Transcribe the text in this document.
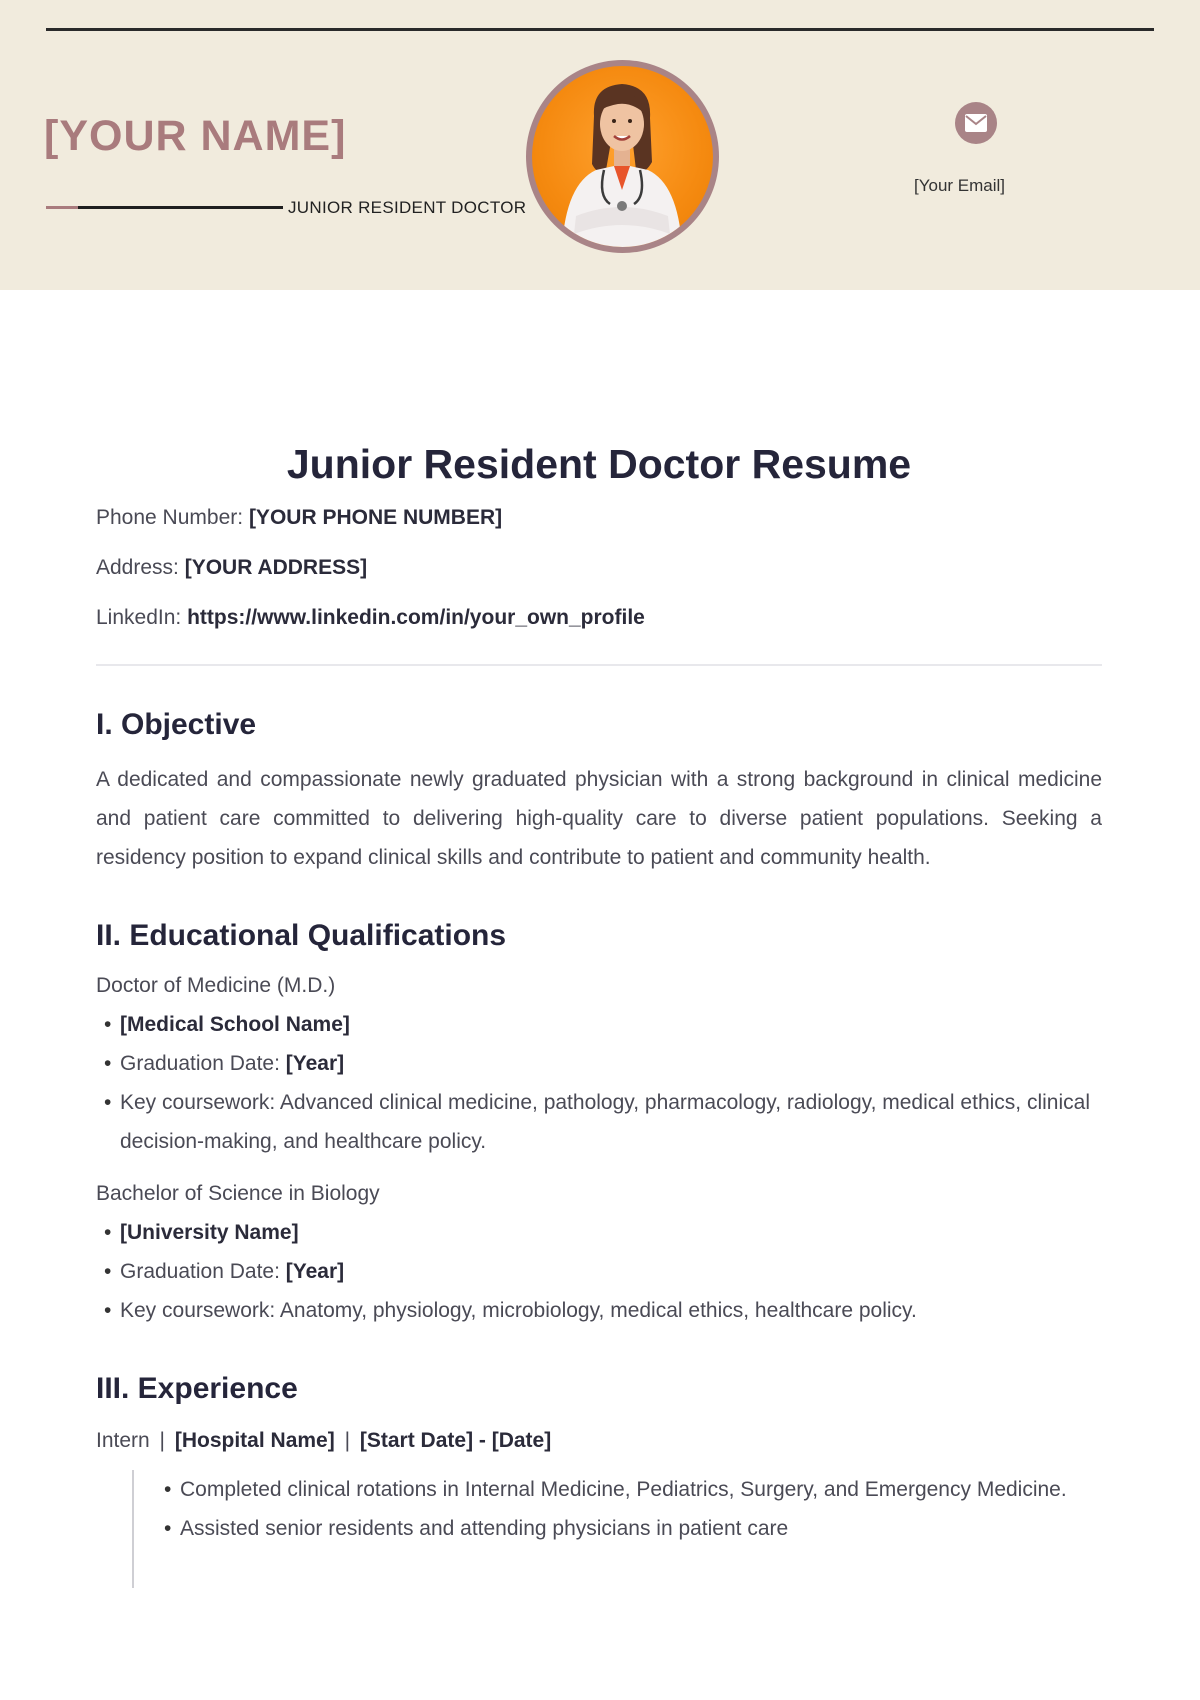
[YOUR NAME]
JUNIOR RESIDENT DOCTOR
[Your Email]
Junior Resident Doctor Resume
Phone Number: [YOUR PHONE NUMBER]
Address: [YOUR ADDRESS]
LinkedIn: https://www.linkedin.com/in/your_own_profile
I. Objective
A dedicated and compassionate newly graduated physician with a strong background in clinical medicine and patient care committed to delivering high-quality care to diverse patient populations. Seeking a residency position to expand clinical skills and contribute to patient and community health.
II. Educational Qualifications
Doctor of Medicine (M.D.)
• [Medical School Name]
• Graduation Date: [Year]
• Key coursework: Advanced clinical medicine, pathology, pharmacology, radiology, medical ethics, clinical decision-making, and healthcare policy.
Bachelor of Science in Biology
• [University Name]
• Graduation Date: [Year]
• Key coursework: Anatomy, physiology, microbiology, medical ethics, healthcare policy.
III. Experience
Intern | [Hospital Name] | [Start Date] - [Date]
• Completed clinical rotations in Internal Medicine, Pediatrics, Surgery, and Emergency Medicine.
• Assisted senior residents and attending physicians in patient care
